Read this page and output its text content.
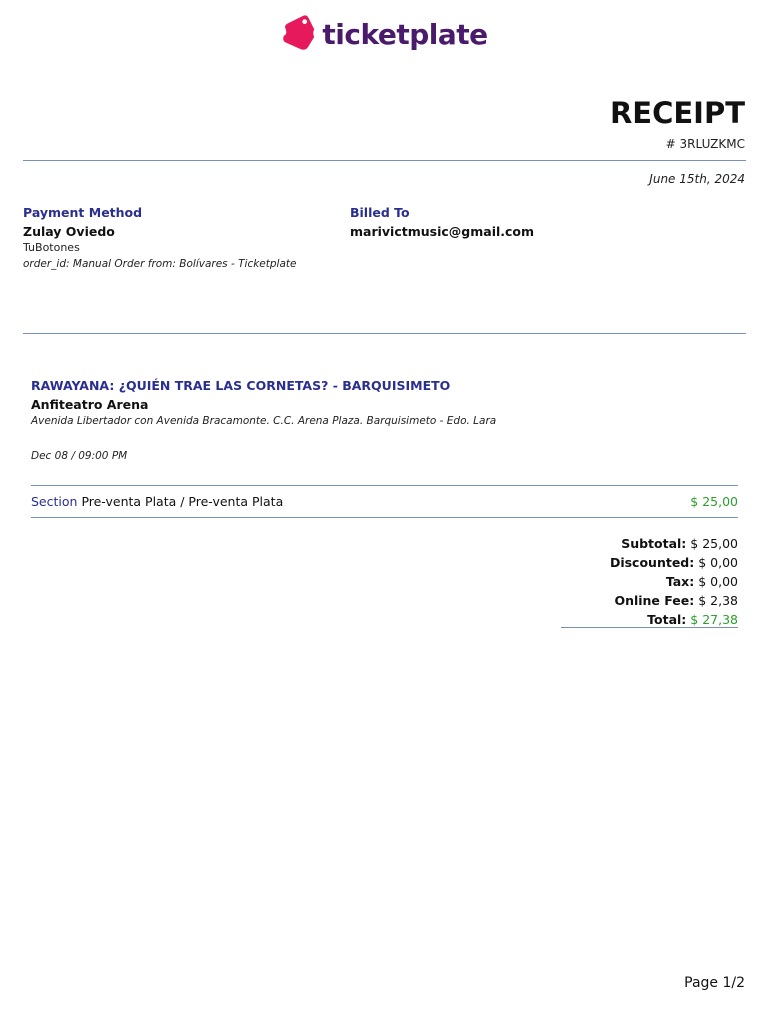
ticketplate
RECEIPT
# 3RLUZKMC
June 15th, 2024
Payment Method
Zulay Oviedo
TuBotones
order_id: Manual Order from: Bolívares - Ticketplate
Billed To
marivictmusic@gmail.com
RAWAYANA: ¿QUIÉN TRAE LAS CORNETAS? - BARQUISIMETO
Anfiteatro Arena
Avenida Libertador con Avenida Bracamonte. C.C. Arena Plaza. Barquisimeto - Edo. Lara
Dec 08 / 09:00 PM
Section Pre-venta Plata / Pre-venta Plata	$ 25,00
Subtotal: $ 25,00
Discounted: $ 0,00
Tax: $ 0,00
Online Fee: $ 2,38
Total: $ 27,38
Page 1/2
